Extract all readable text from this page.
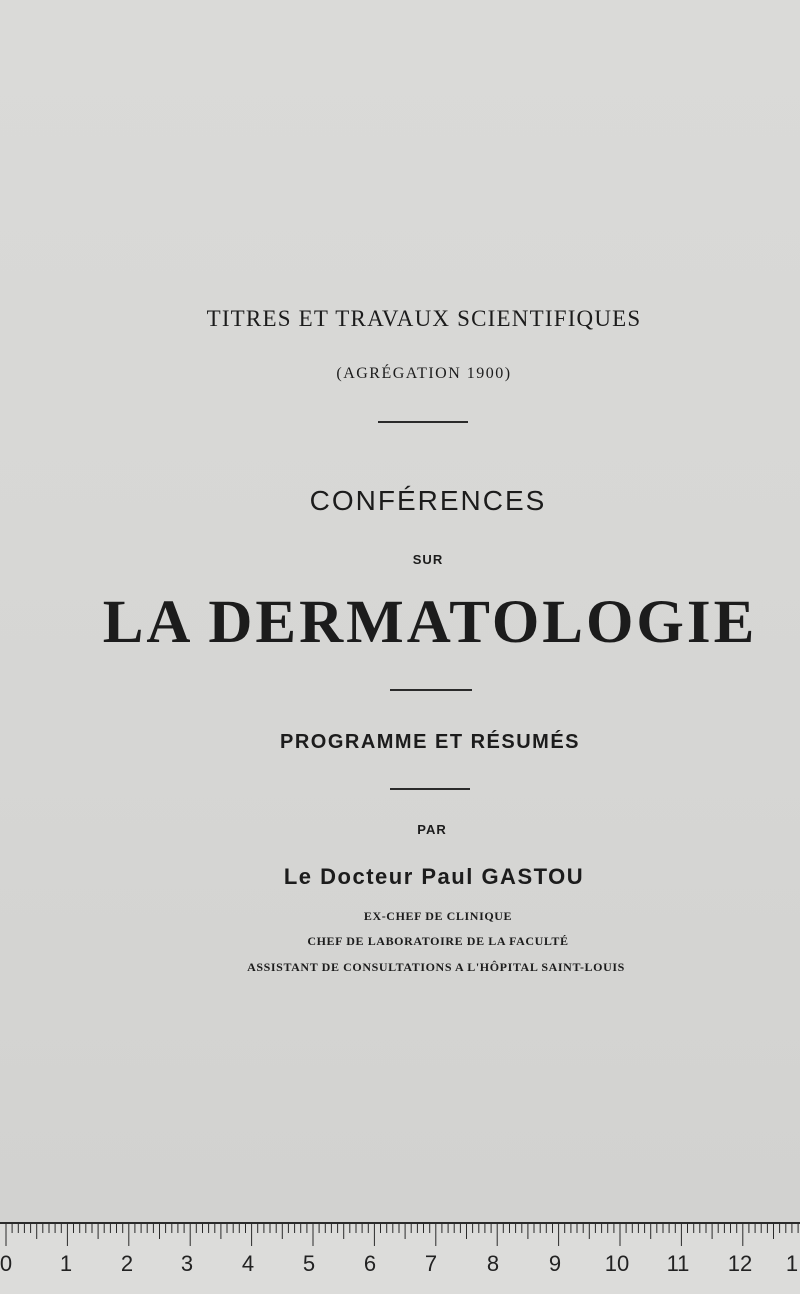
TITRES ET TRAVAUX SCIENTIFIQUES
(AGRÉGATION 1900)
CONFÉRENCES
SUR
LA DERMATOLOGIE
PROGRAMME ET RÉSUMÉS
PAR
Le Docteur Paul GASTOU
EX-CHEF DE CLINIQUE
CHEF DE LABORATOIRE DE LA FACULTÉ
ASSISTANT DE CONSULTATIONS A L'HÔPITAL SAINT-LOUIS
0 1 2 3 4 5 6 7 8 9 10 11 12 1
